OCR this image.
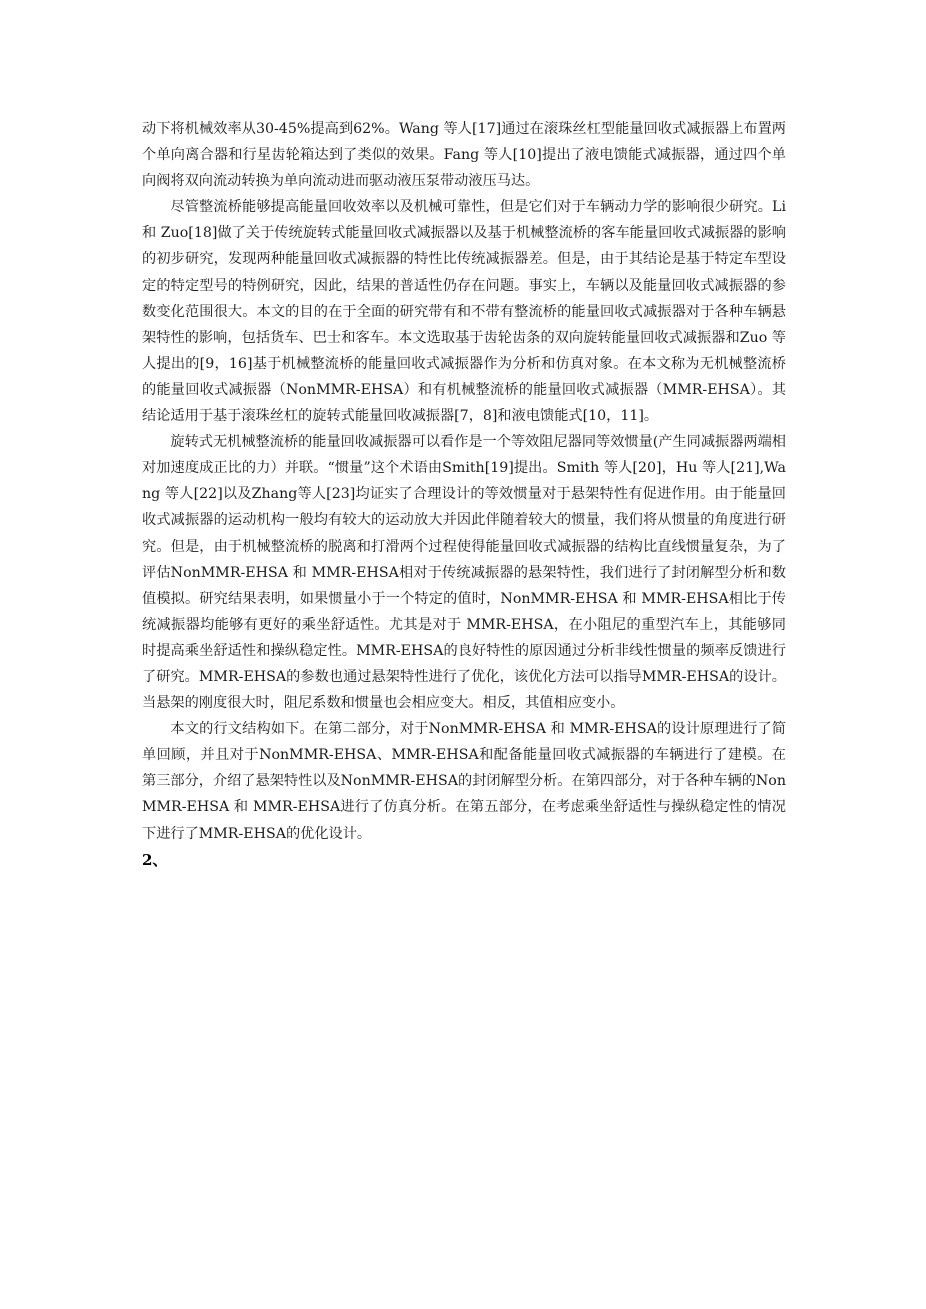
动下将机械效率从30-45%提高到62%。Wang 等人[17]通过在滚珠丝杠型能量回收式减振器上布置两个单向离合器和行星齿轮箱达到了类似的效果。Fang 等人[10]提出了液电馈能式减振器，通过四个单向阀将双向流动转换为单向流动进而驱动液压泵带动液压马达。

尽管整流桥能够提高能量回收效率以及机械可靠性，但是它们对于车辆动力学的影响很少研究。Li 和 Zuo[18]做了关于传统旋转式能量回收式减振器以及基于机械整流桥的客车能量回收式减振器的影响的初步研究，发现两种能量回收式减振器的特性比传统减振器差。但是，由于其结论是基于特定车型设定的特定型号的特例研究，因此，结果的普适性仍存在问题。事实上，车辆以及能量回收式减振器的参数变化范围很大。本文的目的在于全面的研究带有和不带有整流桥的能量回收式减振器对于各种车辆悬架特性的影响，包括货车、巴士和客车。本文选取基于齿轮齿条的双向旋转能量回收式减振器和Zuo 等人提出的[9，16]基于机械整流桥的能量回收式减振器作为分析和仿真对象。在本文称为无机械整流桥的能量回收式减振器（NonMMR-EHSA）和有机械整流桥的能量回收式减振器（MMR-EHSA）。其结论适用于基于滚珠丝杠的旋转式能量回收减振器[7，8]和液电馈能式[10，11]。

旋转式无机械整流桥的能量回收减振器可以看作是一个等效阻尼器同等效惯量(产生同减振器两端相对加速度成正比的力）并联。“惯量”这个术语由Smith[19]提出。Smith 等人[20]，Hu 等人[21],Wang 等人[22]以及Zhang等人[23]均证实了合理设计的等效惯量对于悬架特性有促进作用。由于能量回收式减振器的运动机构一般均有较大的运动放大并因此伴随着较大的惯量，我们将从惯量的角度进行研究。但是，由于机械整流桥的脱离和打滑两个过程使得能量回收式减振器的结构比直线惯量复杂，为了评估NonMMR-EHSA 和 MMR-EHSA相对于传统减振器的悬架特性，我们进行了封闭解型分析和数值模拟。研究结果表明，如果惯量小于一个特定的值时，NonMMR-EHSA 和 MMR-EHSA相比于传统减振器均能够有更好的乘坐舒适性。尤其是对于 MMR-EHSA，在小阻尼的重型汽车上，其能够同时提高乘坐舒适性和操纵稳定性。MMR-EHSA的良好特性的原因通过分析非线性惯量的频率反馈进行了研究。MMR-EHSA的参数也通过悬架特性进行了优化，该优化方法可以指导MMR-EHSA的设计。当悬架的刚度很大时，阻尼系数和惯量也会相应变大。相反，其值相应变小。

本文的行文结构如下。在第二部分，对于NonMMR-EHSA 和 MMR-EHSA的设计原理进行了简单回顾，并且对于NonMMR-EHSA、MMR-EHSA和配备能量回收式减振器的车辆进行了建模。在第三部分，介绍了悬架特性以及NonMMR-EHSA的封闭解型分析。在第四部分，对于各种车辆的NonMMR-EHSA 和 MMR-EHSA进行了仿真分析。在第五部分，在考虑乘坐舒适性与操纵稳定性的情况下进行了MMR-EHSA的优化设计。

2、
